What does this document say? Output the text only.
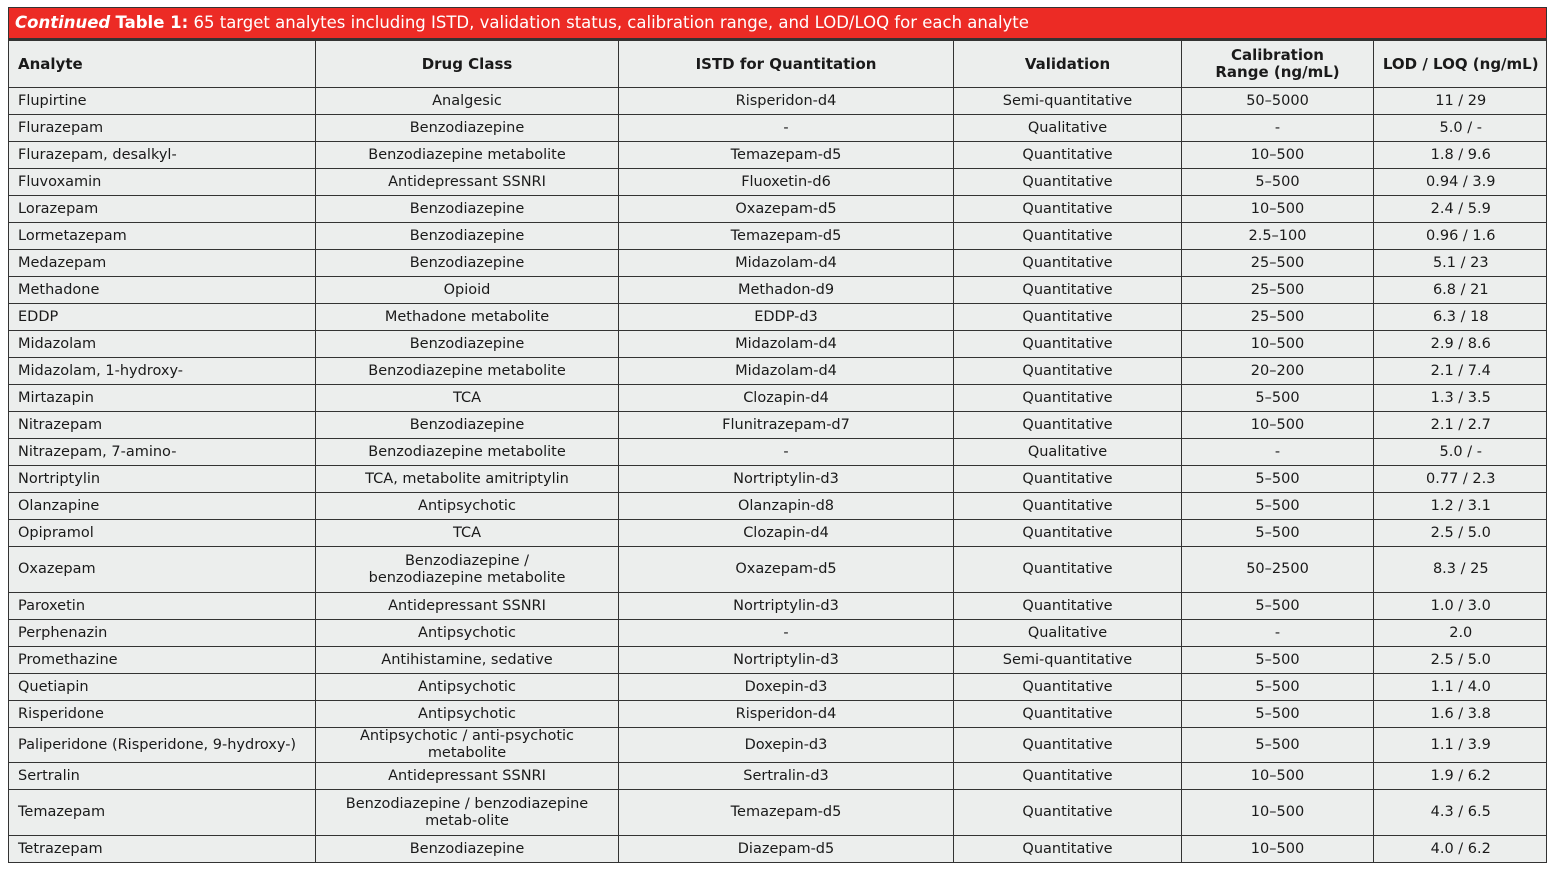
Continued Table 1: 65 target analytes including ISTD, validation status, calibration range, and LOD/LOQ for each analyte
Analyte	Drug Class	ISTD for Quantitation	Validation	Calibration Range (ng/mL)	LOD / LOQ (ng/mL)
Flupirtine	Analgesic	Risperidon-d4	Semi-quantitative	50–5000	11 / 29
Flurazepam	Benzodiazepine	-	Qualitative	-	5.0 / -
Flurazepam, desalkyl-	Benzodiazepine metabolite	Temazepam-d5	Quantitative	10–500	1.8 / 9.6
Fluvoxamin	Antidepressant SSNRI	Fluoxetin-d6	Quantitative	5–500	0.94 / 3.9
Lorazepam	Benzodiazepine	Oxazepam-d5	Quantitative	10–500	2.4 / 5.9
Lormetazepam	Benzodiazepine	Temazepam-d5	Quantitative	2.5–100	0.96 / 1.6
Medazepam	Benzodiazepine	Midazolam-d4	Quantitative	25–500	5.1 / 23
Methadone	Opioid	Methadon-d9	Quantitative	25–500	6.8 / 21
EDDP	Methadone metabolite	EDDP-d3	Quantitative	25–500	6.3 / 18
Midazolam	Benzodiazepine	Midazolam-d4	Quantitative	10–500	2.9 / 8.6
Midazolam, 1-hydroxy-	Benzodiazepine metabolite	Midazolam-d4	Quantitative	20–200	2.1 / 7.4
Mirtazapin	TCA	Clozapin-d4	Quantitative	5–500	1.3 / 3.5
Nitrazepam	Benzodiazepine	Flunitrazepam-d7	Quantitative	10–500	2.1 / 2.7
Nitrazepam, 7-amino-	Benzodiazepine metabolite	-	Qualitative	-	5.0 / -
Nortriptylin	TCA, metabolite amitriptylin	Nortriptylin-d3	Quantitative	5–500	0.77 / 2.3
Olanzapine	Antipsychotic	Olanzapin-d8	Quantitative	5–500	1.2 / 3.1
Opipramol	TCA	Clozapin-d4	Quantitative	5–500	2.5 / 5.0
Oxazepam	Benzodiazepine / benzodiazepine metabolite	Oxazepam-d5	Quantitative	50–2500	8.3 / 25
Paroxetin	Antidepressant SSNRI	Nortriptylin-d3	Quantitative	5–500	1.0 / 3.0
Perphenazin	Antipsychotic	-	Qualitative	-	2.0
Promethazine	Antihistamine, sedative	Nortriptylin-d3	Semi-quantitative	5–500	2.5 / 5.0
Quetiapin	Antipsychotic	Doxepin-d3	Quantitative	5–500	1.1 / 4.0
Risperidone	Antipsychotic	Risperidon-d4	Quantitative	5–500	1.6 / 3.8
Paliperidone (Risperidone, 9-hydroxy-)	Antipsychotic / anti-psychotic metabolite	Doxepin-d3	Quantitative	5–500	1.1 / 3.9
Sertralin	Antidepressant SSNRI	Sertralin-d3	Quantitative	10–500	1.9 / 6.2
Temazepam	Benzodiazepine / benzodiazepine metab-olite	Temazepam-d5	Quantitative	10–500	4.3 / 6.5
Tetrazepam	Benzodiazepine	Diazepam-d5	Quantitative	10–500	4.0 / 6.2
